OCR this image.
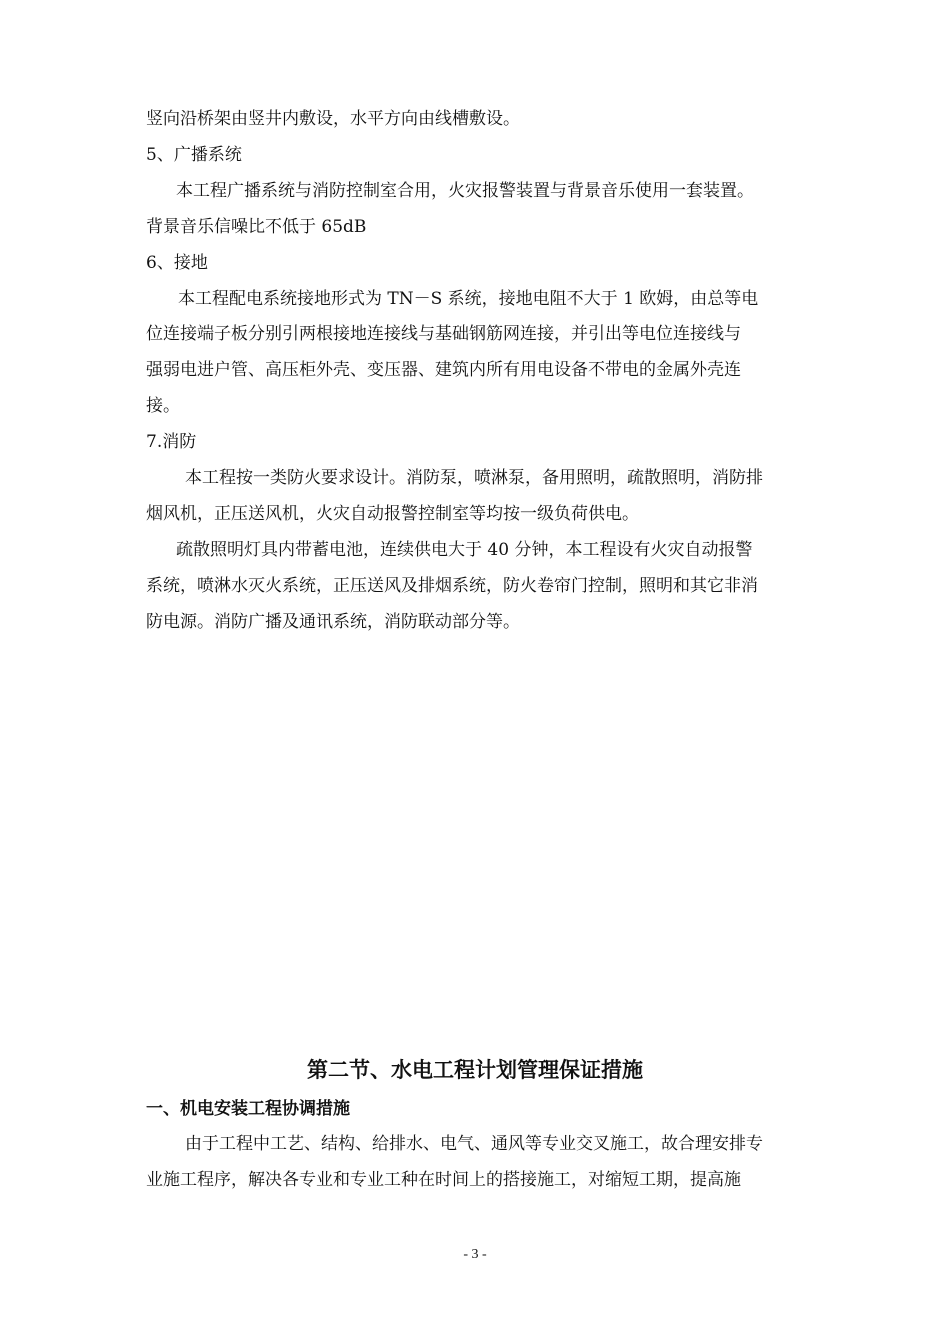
竖向沿桥架由竖井内敷设，水平方向由线槽敷设。
5、广播系统
本工程广播系统与消防控制室合用，火灾报警装置与背景音乐使用一套装置。
背景音乐信噪比不低于 65dB
6、接地
本工程配电系统接地形式为 TN－S 系统，接地电阻不大于 1 欧姆，由总等电
位连接端子板分别引两根接地连接线与基础钢筋网连接，并引出等电位连接线与
强弱电进户管、高压柜外壳、变压器、建筑内所有用电设备不带电的金属外壳连
接。
7.消防
本工程按一类防火要求设计。消防泵，喷淋泵，备用照明，疏散照明，消防排
烟风机，正压送风机，火灾自动报警控制室等均按一级负荷供电。
疏散照明灯具内带蓄电池，连续供电大于 40 分钟，本工程设有火灾自动报警
系统，喷淋水灭火系统，正压送风及排烟系统，防火卷帘门控制，照明和其它非消
防电源。消防广播及通讯系统，消防联动部分等。
第二节、水电工程计划管理保证措施
一、机电安装工程协调措施
由于工程中工艺、结构、给排水、电气、通风等专业交叉施工，故合理安排专
业施工程序，解决各专业和专业工种在时间上的搭接施工，对缩短工期，提高施
- 3 -
